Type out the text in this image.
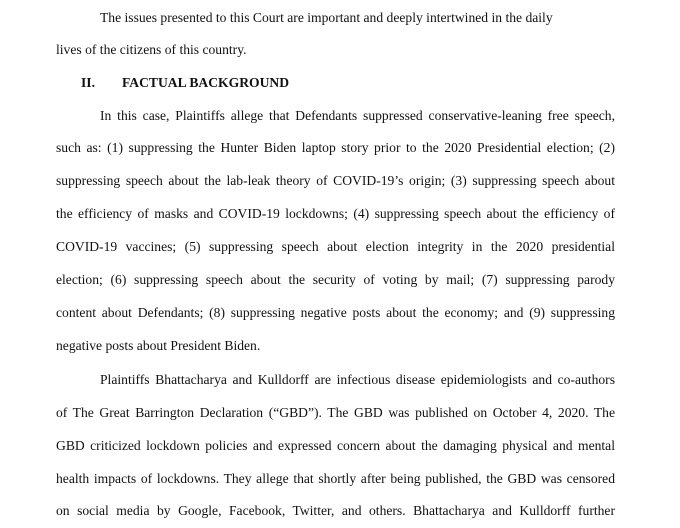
The issues presented to this Court are important and deeply intertwined in the daily
lives of the citizens of this country.
II. FACTUAL BACKGROUND
In this case, Plaintiffs allege that Defendants suppressed conservative-leaning free speech,
such as: (1) suppressing the Hunter Biden laptop story prior to the 2020 Presidential election; (2)
suppressing speech about the lab-leak theory of COVID-19’s origin; (3) suppressing speech about
the efficiency of masks and COVID-19 lockdowns; (4) suppressing speech about the efficiency of
COVID-19 vaccines; (5) suppressing speech about election integrity in the 2020 presidential
election; (6) suppressing speech about the security of voting by mail; (7) suppressing parody
content about Defendants; (8) suppressing negative posts about the economy; and (9) suppressing
negative posts about President Biden.
Plaintiffs Bhattacharya and Kulldorff are infectious disease epidemiologists and co-authors
of The Great Barrington Declaration (“GBD”). The GBD was published on October 4, 2020. The
GBD criticized lockdown policies and expressed concern about the damaging physical and mental
health impacts of lockdowns. They allege that shortly after being published, the GBD was censored
on social media by Google, Facebook, Twitter, and others. Bhattacharya and Kulldorff further
